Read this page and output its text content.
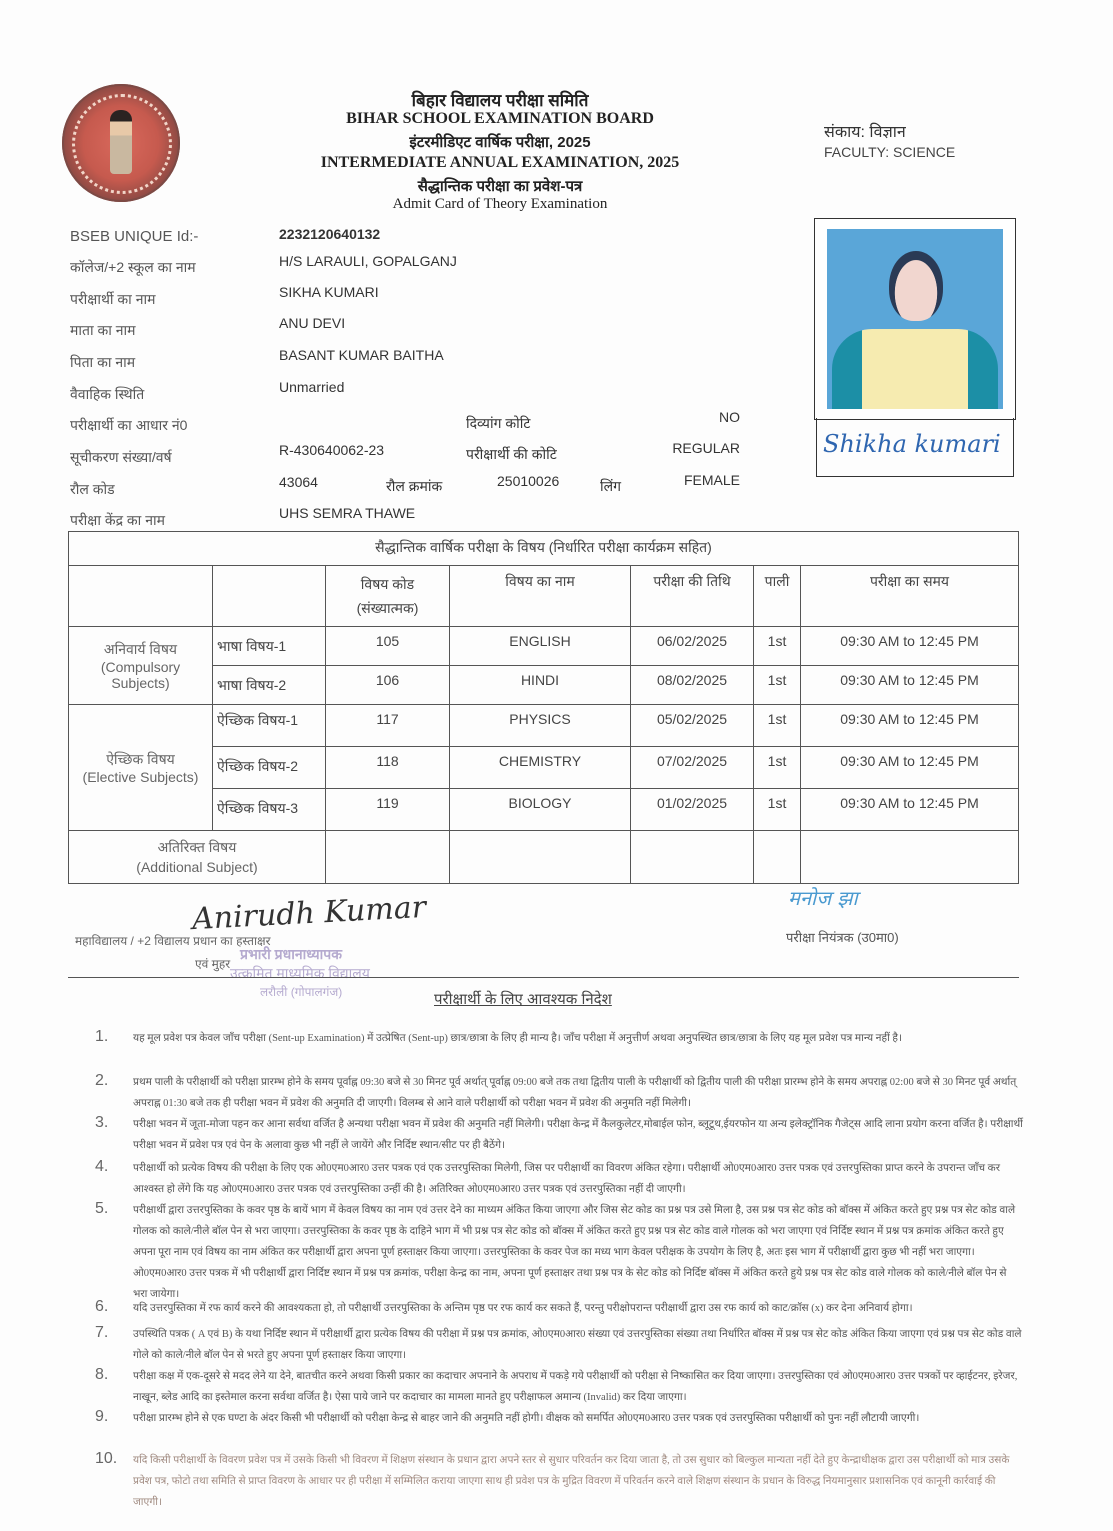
बिहार विद्यालय परीक्षा समिति
BIHAR SCHOOL EXAMINATION BOARD
इंटरमीडिएट वार्षिक परीक्षा, 2025
INTERMEDIATE ANNUAL EXAMINATION, 2025
सैद्धान्तिक परीक्षा का प्रवेश-पत्र
Admit Card of Theory Examination
संकाय: विज्ञान
FACULTY: SCIENCE
BSEB UNIQUE Id:-	2232120640132
कॉलेज/+2 स्कूल का नाम	H/S LARAULI, GOPALGANJ
परीक्षार्थी का नाम	SIKHA KUMARI
माता का नाम	ANU DEVI
पिता का नाम	BASANT KUMAR BAITHA
वैवाहिक स्थिति	Unmarried
परीक्षार्थी का आधार नं0	दिव्यांग कोटि	NO
सूचीकरण संख्या/वर्ष	R-430640062-23	परीक्षार्थी की कोटि	REGULAR
रौल कोड	43064	रौल क्रमांक	25010026	लिंग	FEMALE
परीक्षा केंद्र का नाम	UHS SEMRA THAWE
Shikha kumari
सैद्धान्तिक वार्षिक परीक्षा के विषय (निर्धारित परीक्षा कार्यक्रम सहित)						
		विषय कोड
(संख्यात्मक)	विषय का नाम	परीक्षा की तिथि	पाली	परीक्षा का समय
अनिवार्य विषय
(Compulsory Subjects)	भाषा विषय-1	105	ENGLISH	06/02/2025	1st	09:30 AM to 12:45 PM
	भाषा विषय-2	106	HINDI	08/02/2025	1st	09:30 AM to 12:45 PM
ऐच्छिक विषय
(Elective Subjects)	ऐच्छिक विषय-1	117	PHYSICS	05/02/2025	1st	09:30 AM to 12:45 PM
	ऐच्छिक विषय-2	118	CHEMISTRY	07/02/2025	1st	09:30 AM to 12:45 PM
	ऐच्छिक विषय-3	119	BIOLOGY	01/02/2025	1st	09:30 AM to 12:45 PM
अतिरिक्त विषय
(Additional Subject)						
Anirudh Kumar
महाविद्यालय / +2 विद्यालय प्रधान का हस्ताक्षर
एवं मुहर
प्रभारी प्रधानाध्यापक
उत्क्रमित माध्यमिक विद्यालय
लरौली (गोपालगंज)
मनोज झा
परीक्षा नियंत्रक (उ0मा0)
परीक्षार्थी के लिए आवश्यक निदेश
1. यह मूल प्रवेश पत्र केवल जाँच परीक्षा (Sent-up Examination) में उत्प्रेषित (Sent-up) छात्र/छात्रा के लिए ही मान्य है। जाँच परीक्षा में अनुत्तीर्ण अथवा अनुपस्थित छात्र/छात्रा के लिए यह मूल प्रवेश पत्र मान्य नहीं है।
2. प्रथम पाली के परीक्षार्थी को परीक्षा प्रारम्भ होने के समय पूर्वाह्न 09:30 बजे से 30 मिनट पूर्व अर्थात् पूर्वाह्न 09:00 बजे तक तथा द्वितीय पाली के परीक्षार्थी को द्वितीय पाली की परीक्षा प्रारम्भ होने के समय अपराह्न 02:00 बजे से 30 मिनट पूर्व अर्थात् अपराह्न 01:30 बजे तक ही परीक्षा भवन में प्रवेश की अनुमति दी जाएगी। विलम्ब से आने वाले परीक्षार्थी को परीक्षा भवन में प्रवेश की अनुमति नहीं मिलेगी।
3. परीक्षा भवन में जूता-मोजा पहन कर आना सर्वथा वर्जित है अन्यथा परीक्षा भवन में प्रवेश की अनुमति नहीं मिलेगी। परीक्षा केन्द्र में कैलकुलेटर,मोबाईल फोन, ब्लूटूथ,ईयरफोन या अन्य इलेक्ट्रॉनिक गैजेट्स आदि लाना प्रयोग करना वर्जित है। परीक्षार्थी परीक्षा भवन में प्रवेश पत्र एवं पेन के अलावा कुछ भी नहीं ले जायेंगे और निर्दिष्ट स्थान/सीट पर ही बैठेंगे।
4. परीक्षार्थी को प्रत्येक विषय की परीक्षा के लिए एक ओ0एम0आर0 उत्तर पत्रक एवं एक उत्तरपुस्तिका मिलेगी, जिस पर परीक्षार्थी का विवरण अंकित रहेगा। परीक्षार्थी ओ0एम0आर0 उत्तर पत्रक एवं उत्तरपुस्तिका प्राप्त करने के उपरान्त जाँच कर आश्वस्त हो लेंगे कि यह ओ0एम0आर0 उत्तर पत्रक एवं उत्तरपुस्तिका उन्हीं की है। अतिरिक्त ओ0एम0आर0 उत्तर पत्रक एवं उत्तरपुस्तिका नहीं दी जाएगी।
5. परीक्षार्थी द्वारा उत्तरपुस्तिका के कवर पृष्ठ के बायें भाग में केवल विषय का नाम एवं उत्तर देने का माध्यम अंकित किया जाएगा और जिस सेट कोड का प्रश्न पत्र उसे मिला है, उस प्रश्न पत्र सेट कोड को बॉक्स में अंकित करते हुए प्रश्न पत्र सेट कोड वाले गोलक को काले/नीले बॉल पेन से भरा जाएगा। उत्तरपुस्तिका के कवर पृष्ठ के दाहिने भाग में भी प्रश्न पत्र सेट कोड को बॉक्स में अंकित करते हुए प्रश्न पत्र सेट कोड वाले गोलक को भरा जाएगा एवं निर्दिष्ट स्थान में प्रश्न पत्र क्रमांक अंकित करते हुए अपना पूरा नाम एवं विषय का नाम अंकित कर परीक्षार्थी द्वारा अपना पूर्ण हस्ताक्षर किया जाएगा। उत्तरपुस्तिका के कवर पेज का मध्य भाग केवल परीक्षक के उपयोग के लिए है, अतः इस भाग में परीक्षार्थी द्वारा कुछ भी नहीं भरा जाएगा। ओ0एम0आर0 उत्तर पत्रक में भी परीक्षार्थी द्वारा निर्दिष्ट स्थान में प्रश्न पत्र क्रमांक, परीक्षा केन्द्र का नाम, अपना पूर्ण हस्ताक्षर तथा प्रश्न पत्र के सेट कोड को निर्दिष्ट बॉक्स में अंकित करते हुये प्रश्न पत्र सेट कोड वाले गोलक को काले/नीले बॉल पेन से भरा जायेगा।
6. यदि उत्तरपुस्तिका में रफ कार्य करने की आवश्यकता हो, तो परीक्षार्थी उत्तरपुस्तिका के अन्तिम पृष्ठ पर रफ कार्य कर सकते हैं, परन्तु परीक्षोपरान्त परीक्षार्थी द्वारा उस रफ कार्य को काट/क्रॉस (x) कर देना अनिवार्य होगा।
7. उपस्थिति पत्रक ( A एवं B) के यथा निर्दिष्ट स्थान में परीक्षार्थी द्वारा प्रत्येक विषय की परीक्षा में प्रश्न पत्र क्रमांक, ओ0एम0आर0 संख्या एवं उत्तरपुस्तिका संख्या तथा निर्धारित बॉक्स में प्रश्न पत्र सेट कोड अंकित किया जाएगा एवं प्रश्न पत्र सेट कोड वाले गोले को काले/नीले बॉल पेन से भरते हुए अपना पूर्ण हस्ताक्षर किया जाएगा।
8. परीक्षा कक्ष में एक-दूसरे से मदद लेने या देने, बातचीत करने अथवा किसी प्रकार का कदाचार अपनाने के अपराध में पकड़े गये परीक्षार्थी को परीक्षा से निष्कासित कर दिया जाएगा। उत्तरपुस्तिका एवं ओ0एम0आर0 उत्तर पत्रकों पर व्हाईटनर, इरेजर, नाखून, ब्लेड आदि का इस्तेमाल करना सर्वथा वर्जित है। ऐसा पाये जाने पर कदाचार का मामला मानते हुए परीक्षाफल अमान्य (Invalid) कर दिया जाएगा।
9. परीक्षा प्रारम्भ होने से एक घण्टा के अंदर किसी भी परीक्षार्थी को परीक्षा केन्द्र से बाहर जाने की अनुमति नहीं होगी। वीक्षक को समर्पित ओ0एम0आर0 उत्तर पत्रक एवं उत्तरपुस्तिका परीक्षार्थी को पुनः नहीं लौटायी जाएगी।
10. यदि किसी परीक्षार्थी के विवरण प्रवेश पत्र में उसके किसी भी विवरण में शिक्षण संस्थान के प्रधान द्वारा अपने स्तर से सुधार परिवर्तन कर दिया जाता है, तो उस सुधार को बिल्कुल मान्यता नहीं देते हुए केन्द्राधीक्षक द्वारा उस परीक्षार्थी को मात्र उसके प्रवेश पत्र, फोटो तथा समिति से प्राप्त विवरण के आधार पर ही परीक्षा में सम्मिलित कराया जाएगा साथ ही प्रवेश पत्र के मुद्रित विवरण में परिवर्तन करने वाले शिक्षण संस्थान के प्रधान के विरुद्ध नियमानुसार प्रशासनिक एवं कानूनी कार्रवाई की जाएगी।
